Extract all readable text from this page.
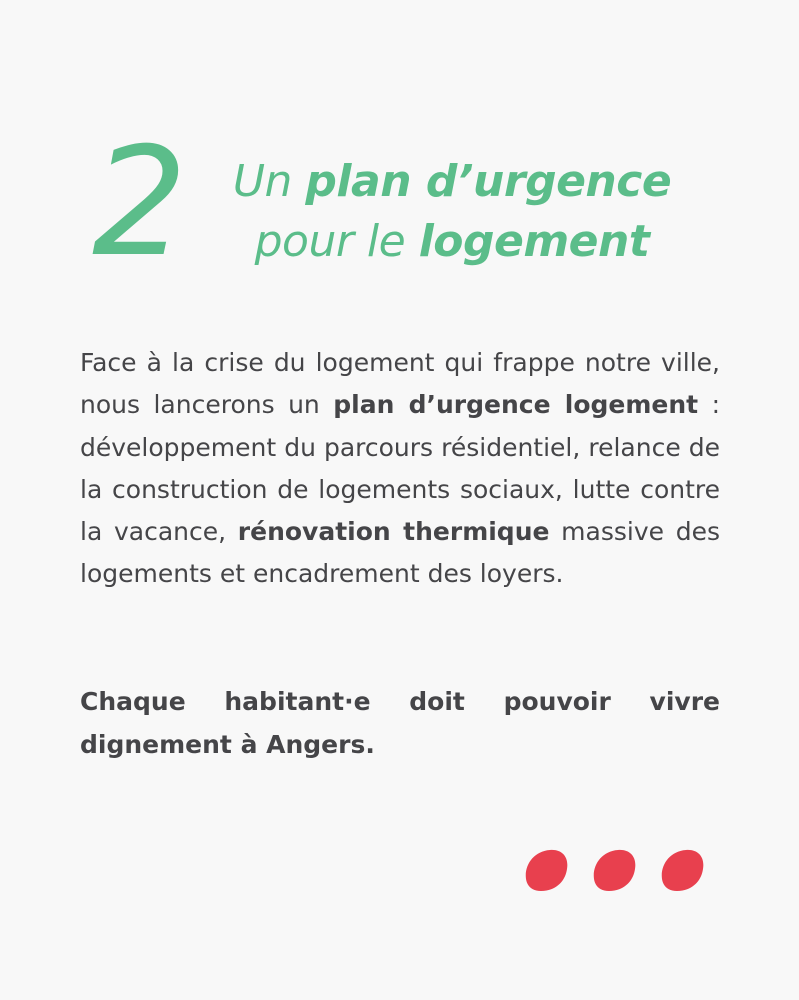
2 Un plan d’urgence
pour le logement
Face à la crise du logement qui frappe notre ville, nous lancerons un plan d’urgence logement : développement du parcours résidentiel, relance de la construction de logements sociaux, lutte contre la vacance, rénovation thermique massive des logements et encadrement des loyers.
Chaque habitant·e doit pouvoir vivre dignement à Angers.
